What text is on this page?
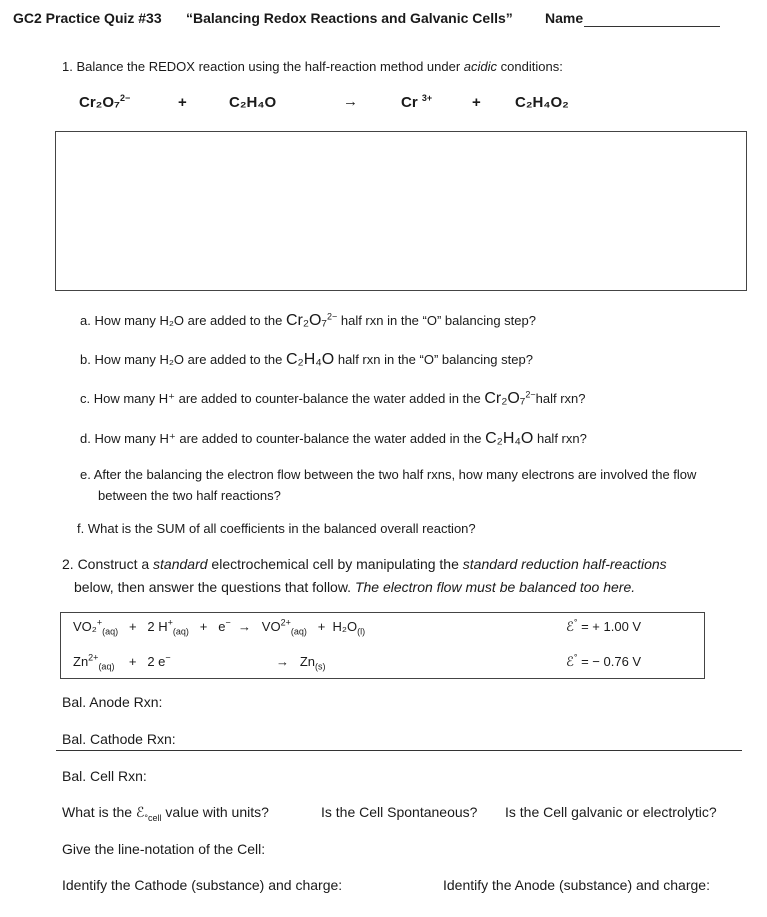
GC2 Practice Quiz #33 “Balancing Redox Reactions and Galvanic Cells” Name
1. Balance the REDOX reaction using the half-reaction method under acidic conditions:
Cr₂O₇$^{2-}$	+	C₂H₄O	→	Cr $^{3+}$	+ C₂H₄O₂
a. How many H₂O are added to the Cr₂O₇$^{2-}$ half rxn in the “O” balancing step?
b. How many H₂O are added to the C₂H₄O half rxn in the “O” balancing step?
c. How many H⁺ are added to counter-balance the water added in the Cr₂O₇$^{2-}$half rxn?
d. How many H⁺ are added to counter-balance the water added in the C₂H₄O half rxn?
e. After the balancing the electron flow between the two half rxns, how many electrons are involved the flow
between the two half reactions?
f. What is the SUM of all coefficients in the balanced overall reaction?
2. Construct a standard electrochemical cell by manipulating the standard reduction half-reactions
below, then answer the questions that follow. The electron flow must be balanced too here.
$VO_2^+_{(aq)} + 2$ $H^+_{(aq)} + e^- \to VO^{2+}_{(aq)} + H_2O_{(l)}$	ℰ° = + 1.00 V
$Zn^{2+}_{(aq)} + 2$ e−	→ $Zn_{(s)}$	ℰ° = − 0.76 V
Bal. Anode Rxn:
Bal. Cathode Rxn:
Bal. Cell Rxn:
What is the ℰ$_{^\circ cell}$ value with units?	Is the Cell Spontaneous? Is the Cell galvanic or electrolytic?
Give the line-notation of the Cell:
Identify the Cathode (substance) and charge:	Identify the Anode (substance) and charge:
